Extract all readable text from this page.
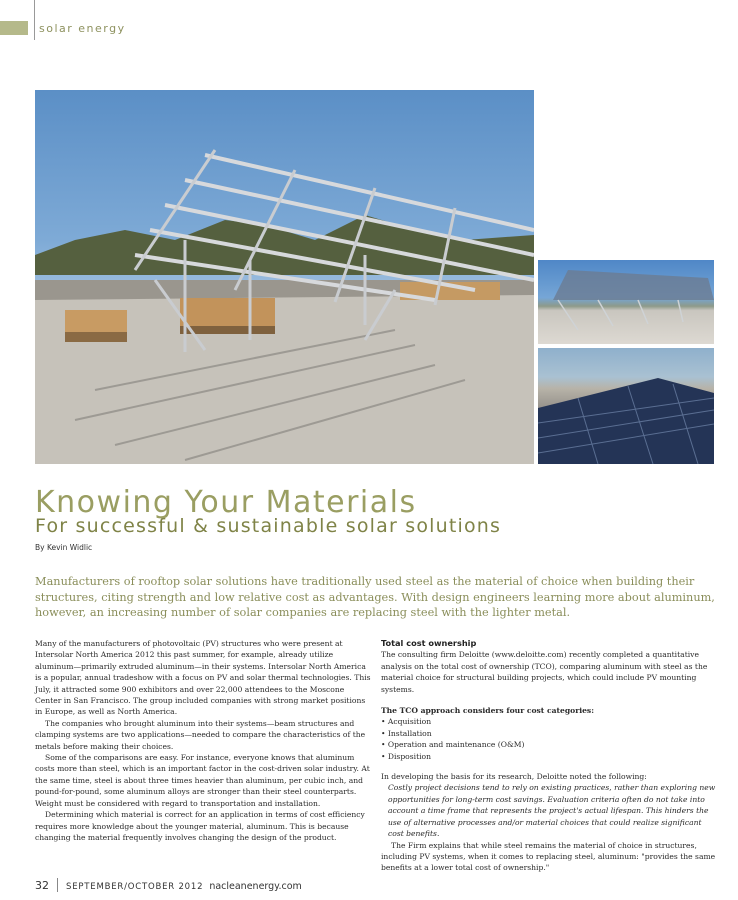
solar energy
Knowing Your Materials
For successful & sustainable solar solutions
By Kevin Widlic

Manufacturers of rooftop solar solutions have traditionally used steel as the material of choice when building their structures, citing strength and low relative cost as advantages. With design engineers learning more about aluminum, however, an increasing number of solar companies are replacing steel with the lighter metal.

Many of the manufacturers of photovoltaic (PV) structures who were present at Intersolar North America 2012 this past summer, for example, already utilize aluminum—primarily extruded aluminum—in their systems. Intersolar North America is a popular, annual tradeshow with a focus on PV and solar thermal technologies. This July, it attracted some 900 exhibitors and over 22,000 attendees to the Moscone Center in San Francisco. The group included companies with strong market positions in Europe, as well as North America.

The companies who brought aluminum into their systems—beam structures and clamping systems are two applications—needed to compare the characteristics of the metals before making their choices.

Some of the comparisons are easy. For instance, everyone knows that aluminum costs more than steel, which is an important factor in the cost-driven solar industry. At the same time, steel is about three times heavier than aluminum, per cubic inch, and pound-for-pound, some aluminum alloys are stronger than their steel counterparts. Weight must be considered with regard to transportation and installation.

Determining which material is correct for an application in terms of cost efficiency requires more knowledge about the younger material, aluminum. This is because changing the material frequently involves changing the design of the product.

Total cost ownership

The consulting firm Deloitte (www.deloitte.com) recently completed a quantitative analysis on the total cost of ownership (TCO), comparing aluminum with steel as the material choice for structural building projects, which could include PV mounting systems.

The TCO approach considers four cost categories:

• Acquisition
• Installation
• Operation and maintenance (O&M)
• Disposition

In developing the basis for its research, Deloitte noted the following:

Costly project decisions tend to rely on existing practices, rather than exploring new opportunities for long-term cost savings. Evaluation criteria often do not take into account a time frame that represents the project's actual lifespan. This hinders the use of alternative processes and/or material choices that could realize significant cost benefits.

The Firm explains that while steel remains the material of choice in structures, including PV systems, when it comes to replacing steel, aluminum: "provides the same benefits at a lower total cost of ownership."

32 SEPTEMBER/OCTOBER 2012 nacleanenergy.com
